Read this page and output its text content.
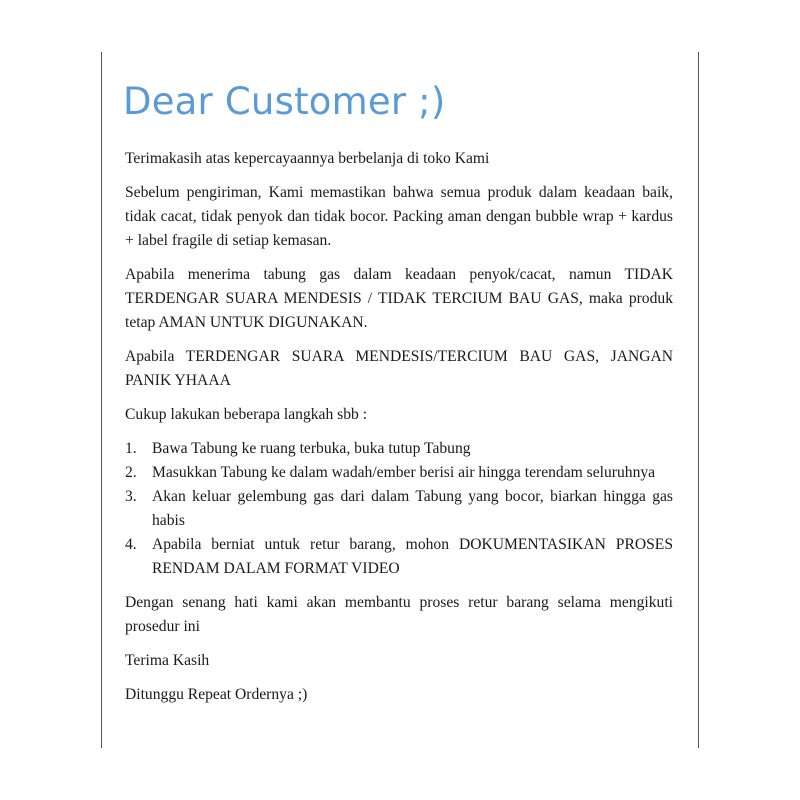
Dear Customer ;)

Terimakasih atas kepercayaannya berbelanja di toko Kami

Sebelum pengiriman, Kami memastikan bahwa semua produk dalam keadaan baik, tidak cacat, tidak penyok dan tidak bocor. Packing aman dengan bubble wrap + kardus + label fragile di setiap kemasan.

Apabila menerima tabung gas dalam keadaan penyok/cacat, namun TIDAK TERDENGAR SUARA MENDESIS / TIDAK TERCIUM BAU GAS, maka produk tetap AMAN UNTUK DIGUNAKAN.

Apabila TERDENGAR SUARA MENDESIS/TERCIUM BAU GAS, JANGAN PANIK YHAAA

Cukup lakukan beberapa langkah sbb :

1. Bawa Tabung ke ruang terbuka, buka tutup Tabung
2. Masukkan Tabung ke dalam wadah/ember berisi air hingga terendam seluruhnya
3. Akan keluar gelembung gas dari dalam Tabung yang bocor, biarkan hingga gas habis
4. Apabila berniat untuk retur barang, mohon DOKUMENTASIKAN PROSES RENDAM DALAM FORMAT VIDEO

Dengan senang hati kami akan membantu proses retur barang selama mengikuti prosedur ini

Terima Kasih

Ditunggu Repeat Ordernya ;)
